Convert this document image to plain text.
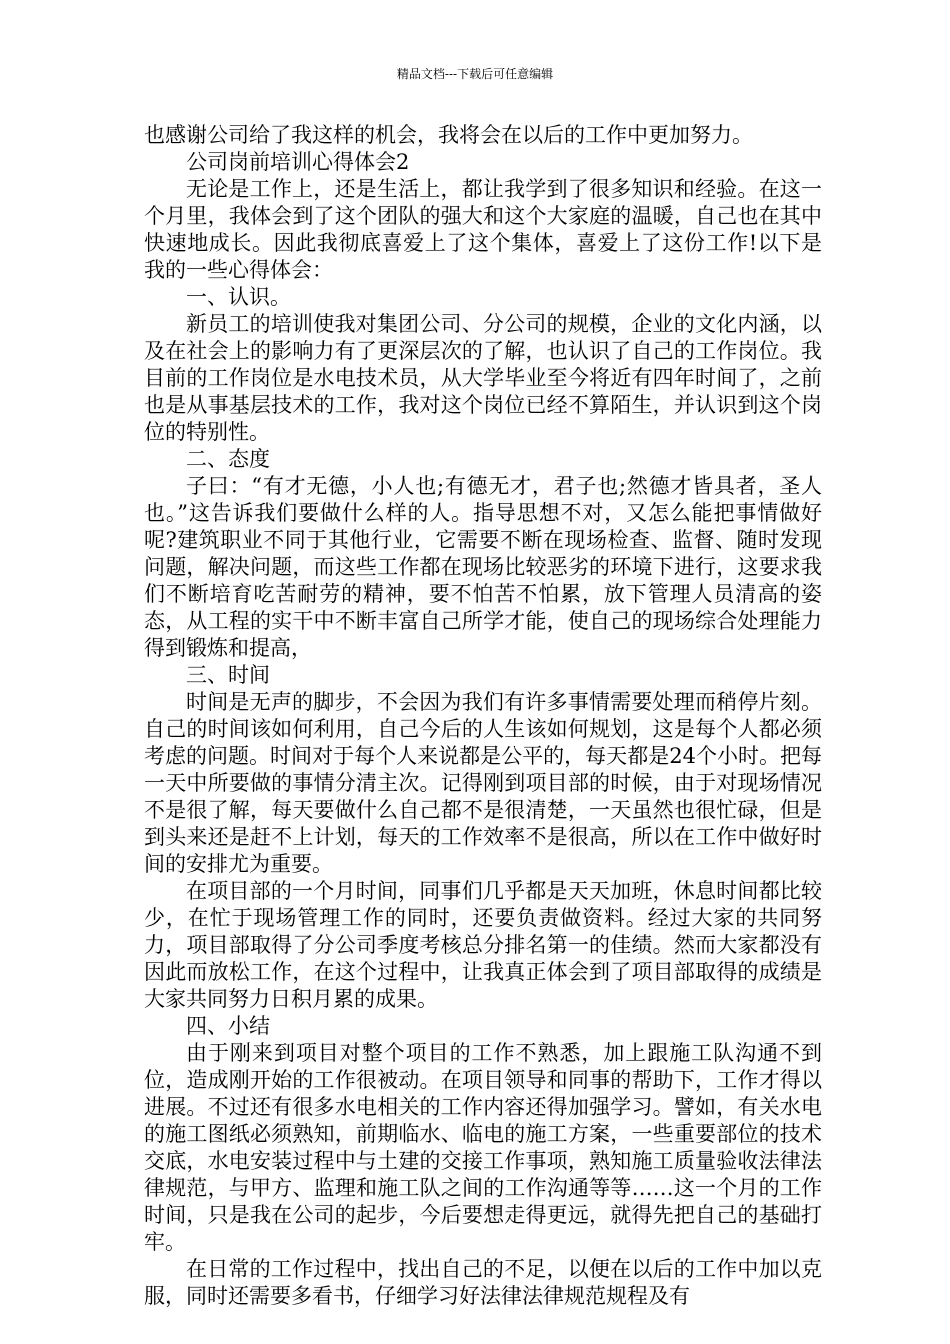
精品文档---下载后可任意编辑

也感谢公司给了我这样的机会，我将会在以后的工作中更加努力。

公司岗前培训心得体会2

无论是工作上，还是生活上，都让我学到了很多知识和经验。在这一个月里，我体会到了这个团队的强大和这个大家庭的温暖，自己也在其中快速地成长。因此我彻底喜爱上了这个集体，喜爱上了这份工作!以下是我的一些心得体会：

一、认识。

新员工的培训使我对集团公司、分公司的规模，企业的文化内涵，以及在社会上的影响力有了更深层次的了解，也认识了自己的工作岗位。我目前的工作岗位是水电技术员，从大学毕业至今将近有四年时间了，之前也是从事基层技术的工作，我对这个岗位已经不算陌生，并认识到这个岗位的特别性。

二、态度

子曰：“有才无德，小人也;有德无才，君子也;然德才皆具者，圣人也。”这告诉我们要做什么样的人。指导思想不对，又怎么能把事情做好呢?建筑职业不同于其他行业，它需要不断在现场检查、监督、随时发现问题，解决问题，而这些工作都在现场比较恶劣的环境下进行，这要求我们不断培育吃苦耐劳的精神，要不怕苦不怕累，放下管理人员清高的姿态，从工程的实干中不断丰富自己所学才能，使自己的现场综合处理能力得到锻炼和提高，

三、时间

时间是无声的脚步，不会因为我们有许多事情需要处理而稍停片刻。自己的时间该如何利用，自己今后的人生该如何规划，这是每个人都必须考虑的问题。时间对于每个人来说都是公平的，每天都是24个小时。把每一天中所要做的事情分清主次。记得刚到项目部的时候，由于对现场情况不是很了解，每天要做什么自己都不是很清楚，一天虽然也很忙碌，但是到头来还是赶不上计划，每天的工作效率不是很高，所以在工作中做好时间的安排尤为重要。

在项目部的一个月时间，同事们几乎都是天天加班，休息时间都比较少，在忙于现场管理工作的同时，还要负责做资料。经过大家的共同努力，项目部取得了分公司季度考核总分排名第一的佳绩。然而大家都没有因此而放松工作，在这个过程中，让我真正体会到了项目部取得的成绩是大家共同努力日积月累的成果。

四、小结

由于刚来到项目对整个项目的工作不熟悉，加上跟施工队沟通不到位，造成刚开始的工作很被动。在项目领导和同事的帮助下，工作才得以进展。不过还有很多水电相关的工作内容还得加强学习。譬如，有关水电的施工图纸必须熟知，前期临水、临电的施工方案，一些重要部位的技术交底，水电安装过程中与土建的交接工作事项，熟知施工质量验收法律法律规范，与甲方、监理和施工队之间的工作沟通等等……这一个月的工作时间，只是我在公司的起步，今后要想走得更远，就得先把自己的基础打牢。

在日常的工作过程中，找出自己的不足，以便在以后的工作中加以克服，同时还需要多看书，仔细学习好法律法律规范规程及有
